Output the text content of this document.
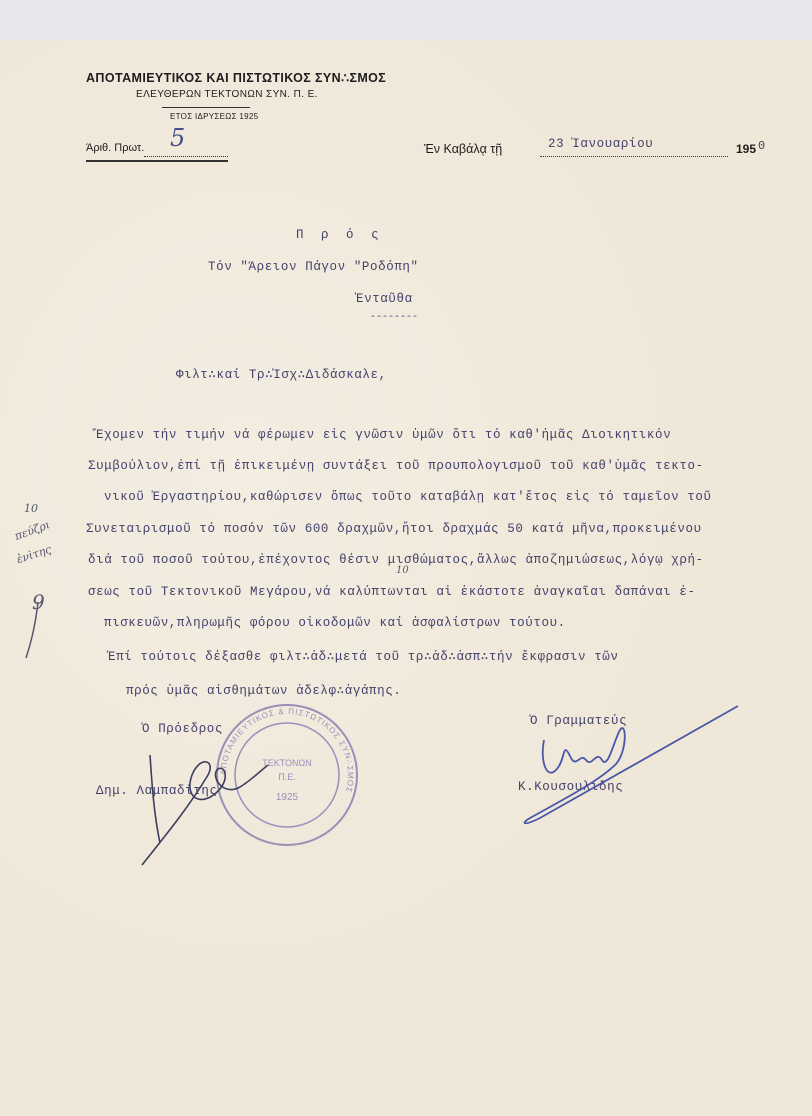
ΑΠΟΤΑΜΙΕΥΤΙΚΟΣ ΚΑΙ ΠΙΣΤΩΤΙΚΟΣ ΣΥΝ∴ΣΜΟΣ
ΕΛΕΥΘΕΡΩΝ ΤΕΚΤΟΝΩΝ ΣΥΝ. Π. Ε.
ΕΤΟΣ ΙΔΡΥΣΕΩΣ 1925
Άριθ. Πρωτ. 5	Έν Καβάλᾳ τῇ	23 Ἰανουαρίου	195 0
Π ρ ό ς
Τόν "Άρειον Πάγον "Ροδόπη"
Ἐνταῦθα
--------
Φιλτ∴καί Τρ∴Ἰσχ∴Διδάσκαλε,
Ἔχομεν τήν τιμήν νά φέρωμεν εἰς γνῶσιν ὑμῶν ὅτι τό καθ'ἡμᾶς Διοικητικόν
Συμβούλιον,ἐπί τῇ ἐπικειμένῃ συντάξει τοῦ προυπολογισμοῦ τοῦ καθ'ὑμᾶς τεκτο-
νικοῦ Ἐργαστηρίου,καθώρισεν ὅπως τοῦτο καταβάλῃ κατ'ἔτος εἰς τό ταμεῖον τοῦ
Συνεταιρισμοῦ τό ποσόν τῶν 600 δραχμῶν,ἤτοι δραχμάς 50 κατά μῆνα,προκειμένου
διά τοῦ ποσοῦ τούτου,ἐπέχοντος θέσιν μισθώματος,ἄλλως ἀποζημιώσεως,λόγῳ χρή-
σεως τοῦ Τεκτονικοῦ Μεγάρου,νά καλύπτωνται αἱ ἑκάστοτε ἀναγκαῖαι δαπάναι ἐ-
πισκευῶν,πληρωμῆς φόρου οἰκοδομῶν καί ἀσφαλίστρων τούτου.
Ἐπί τούτοις δέξασθε φιλτ∴ἀδ∴μετά τοῦ τρ∴ἀδ∴ἀσπ∴τήν ἔκφρασιν τῶν
πρός ὑμᾶς αἰσθημάτων ἀδελφ∴ἀγάπης.
10
10
πεύζρι
ἐνὶτης
9
ΑΠΟΤΑΜΙΕΥΤΙΚΟΣ & ΠΙΣΤΩΤΙΚΟΣ ΣΥΝ∴ΣΜΟΣ
ΤΕΚΤΟΝΩΝ
Π.Ε.
1925
Ὁ Πρόεδρος
Δημ. Λαμπαδίτης
Ὁ Γραμματεύς
Κ.Κουσουλίδης
